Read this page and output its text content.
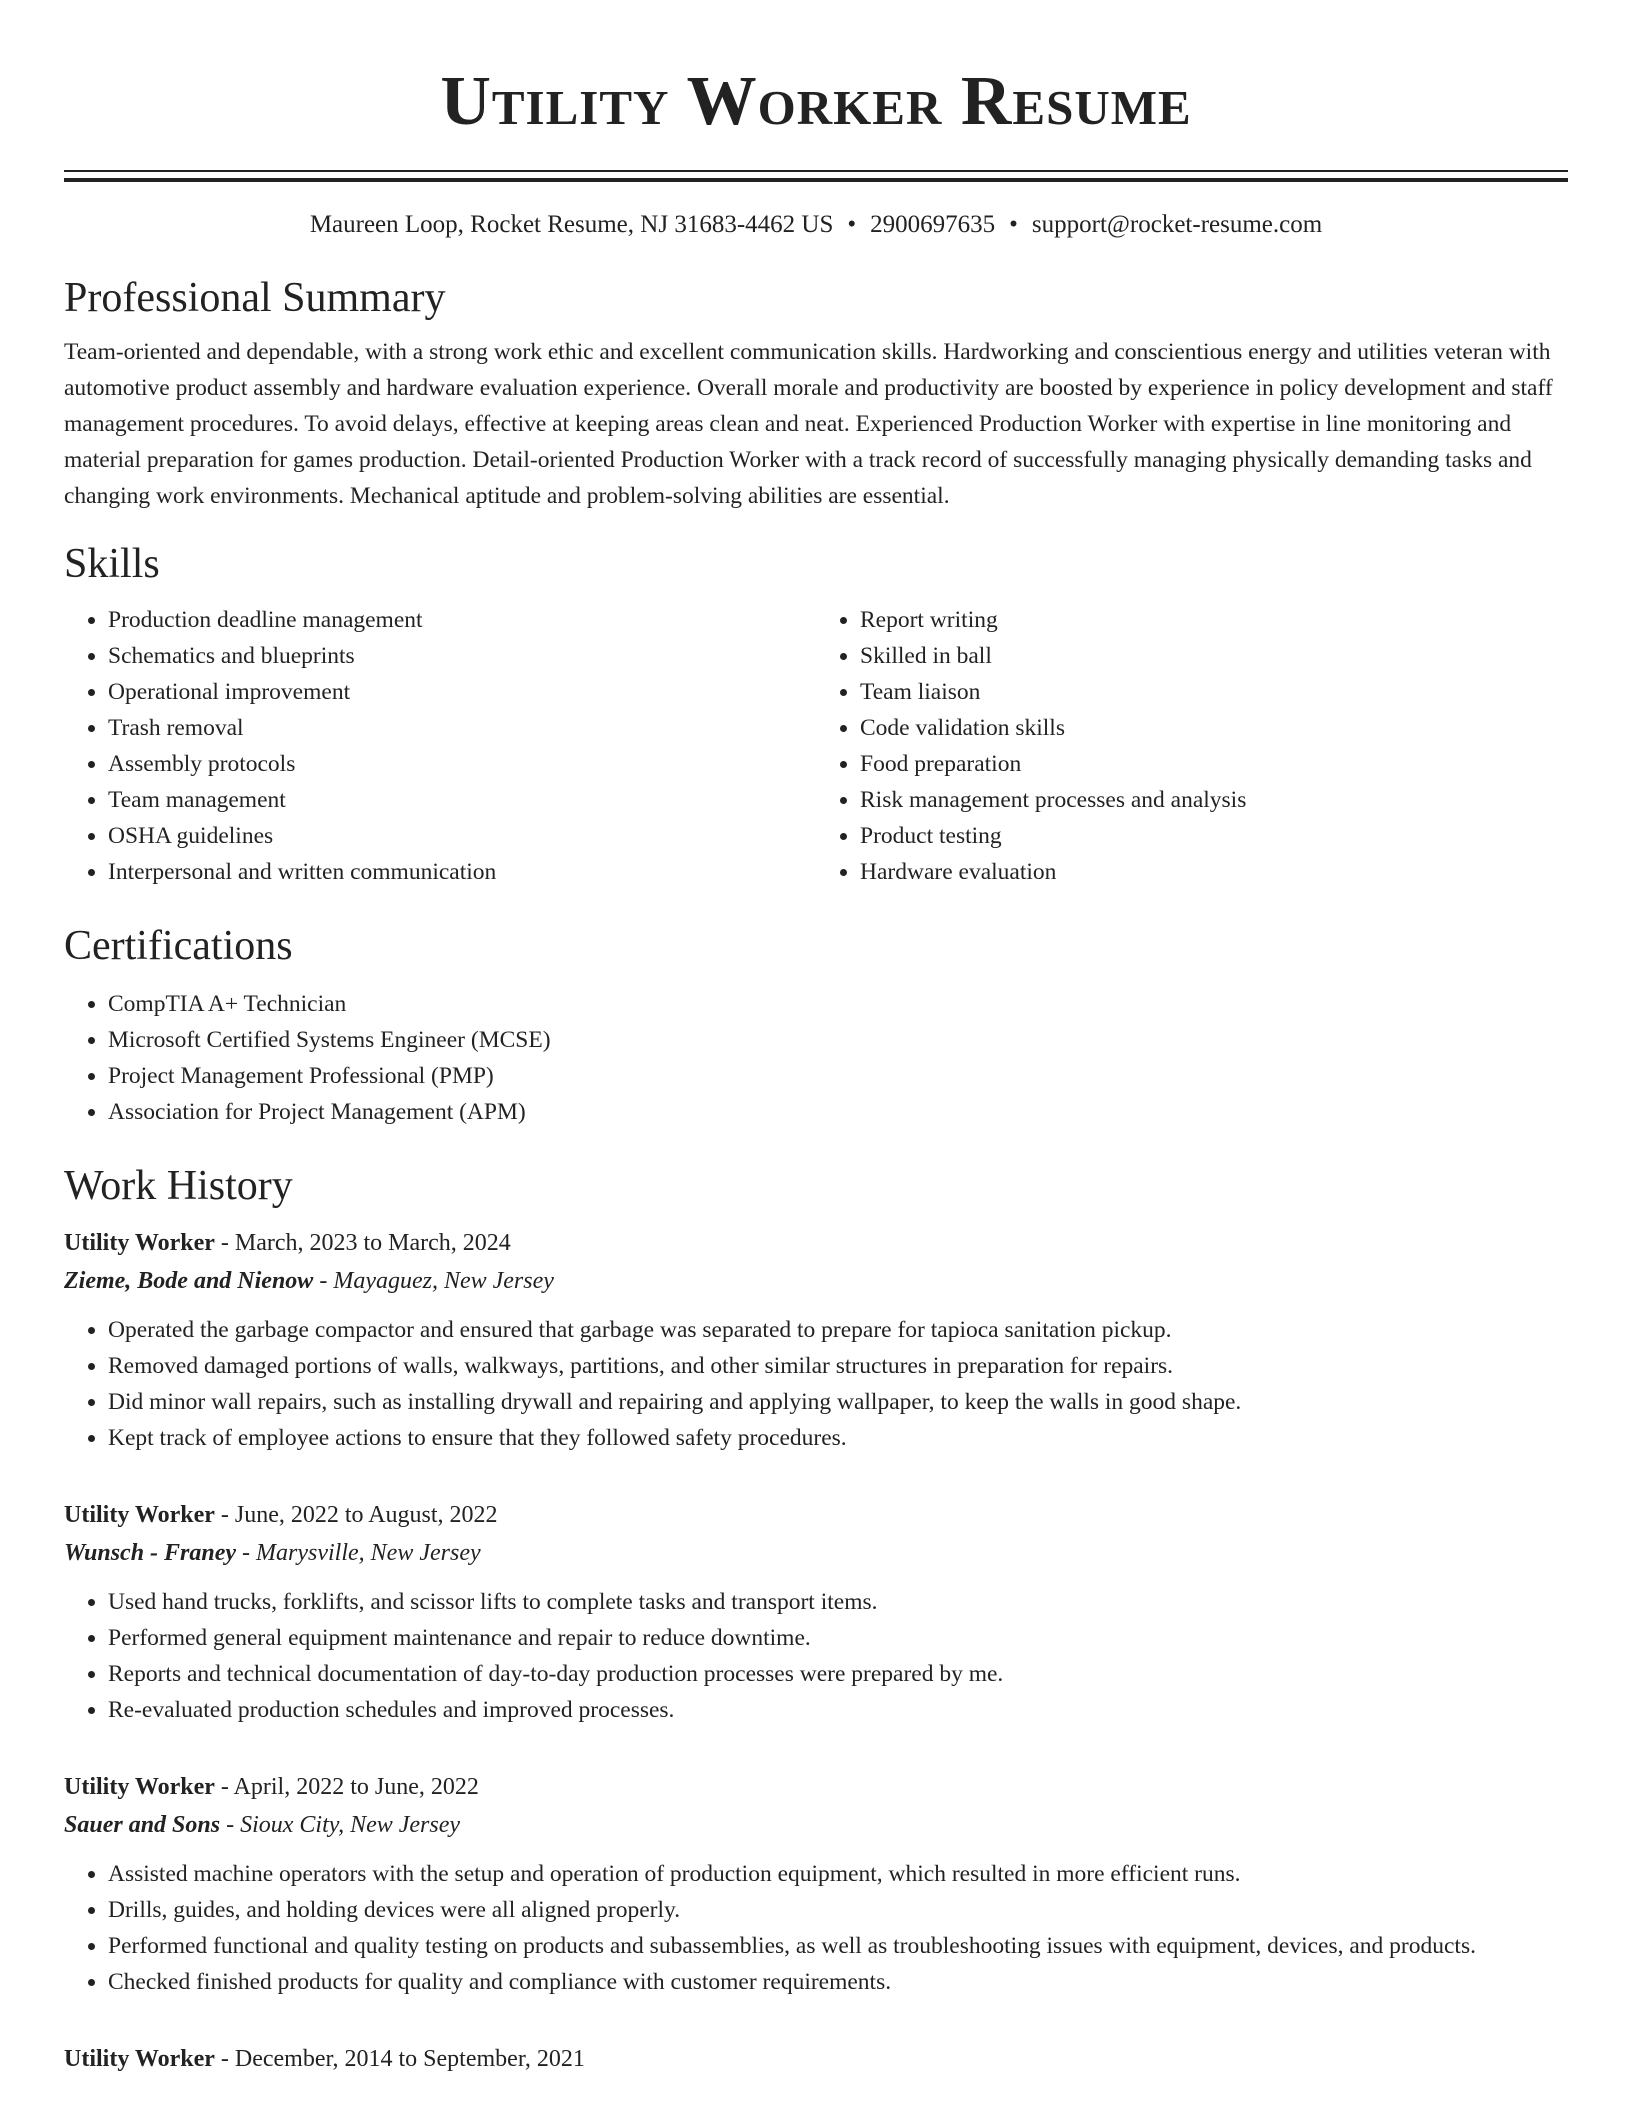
Utility Worker Resume
Maureen Loop, Rocket Resume, NJ 31683-4462 US • 2900697635 • support@rocket-resume.com
Professional Summary
Team-oriented and dependable, with a strong work ethic and excellent communication skills. Hardworking and conscientious energy and utilities veteran with automotive product assembly and hardware evaluation experience. Overall morale and productivity are boosted by experience in policy development and staff management procedures. To avoid delays, effective at keeping areas clean and neat. Experienced Production Worker with expertise in line monitoring and material preparation for games production. Detail-oriented Production Worker with a track record of successfully managing physically demanding tasks and changing work environments. Mechanical aptitude and problem-solving abilities are essential.
Skills
• Production deadline management
• Schematics and blueprints
• Operational improvement
• Trash removal
• Assembly protocols
• Team management
• OSHA guidelines
• Interpersonal and written communication
• Report writing
• Skilled in ball
• Team liaison
• Code validation skills
• Food preparation
• Risk management processes and analysis
• Product testing
• Hardware evaluation
Certifications
• CompTIA A+ Technician
• Microsoft Certified Systems Engineer (MCSE)
• Project Management Professional (PMP)
• Association for Project Management (APM)
Work History
Utility Worker - March, 2023 to March, 2024
Zieme, Bode and Nienow - Mayaguez, New Jersey
• Operated the garbage compactor and ensured that garbage was separated to prepare for tapioca sanitation pickup.
• Removed damaged portions of walls, walkways, partitions, and other similar structures in preparation for repairs.
• Did minor wall repairs, such as installing drywall and repairing and applying wallpaper, to keep the walls in good shape.
• Kept track of employee actions to ensure that they followed safety procedures.
Utility Worker - June, 2022 to August, 2022
Wunsch - Franey - Marysville, New Jersey
• Used hand trucks, forklifts, and scissor lifts to complete tasks and transport items.
• Performed general equipment maintenance and repair to reduce downtime.
• Reports and technical documentation of day-to-day production processes were prepared by me.
• Re-evaluated production schedules and improved processes.
Utility Worker - April, 2022 to June, 2022
Sauer and Sons - Sioux City, New Jersey
• Assisted machine operators with the setup and operation of production equipment, which resulted in more efficient runs.
• Drills, guides, and holding devices were all aligned properly.
• Performed functional and quality testing on products and subassemblies, as well as troubleshooting issues with equipment, devices, and products.
• Checked finished products for quality and compliance with customer requirements.
Utility Worker - December, 2014 to September, 2021
